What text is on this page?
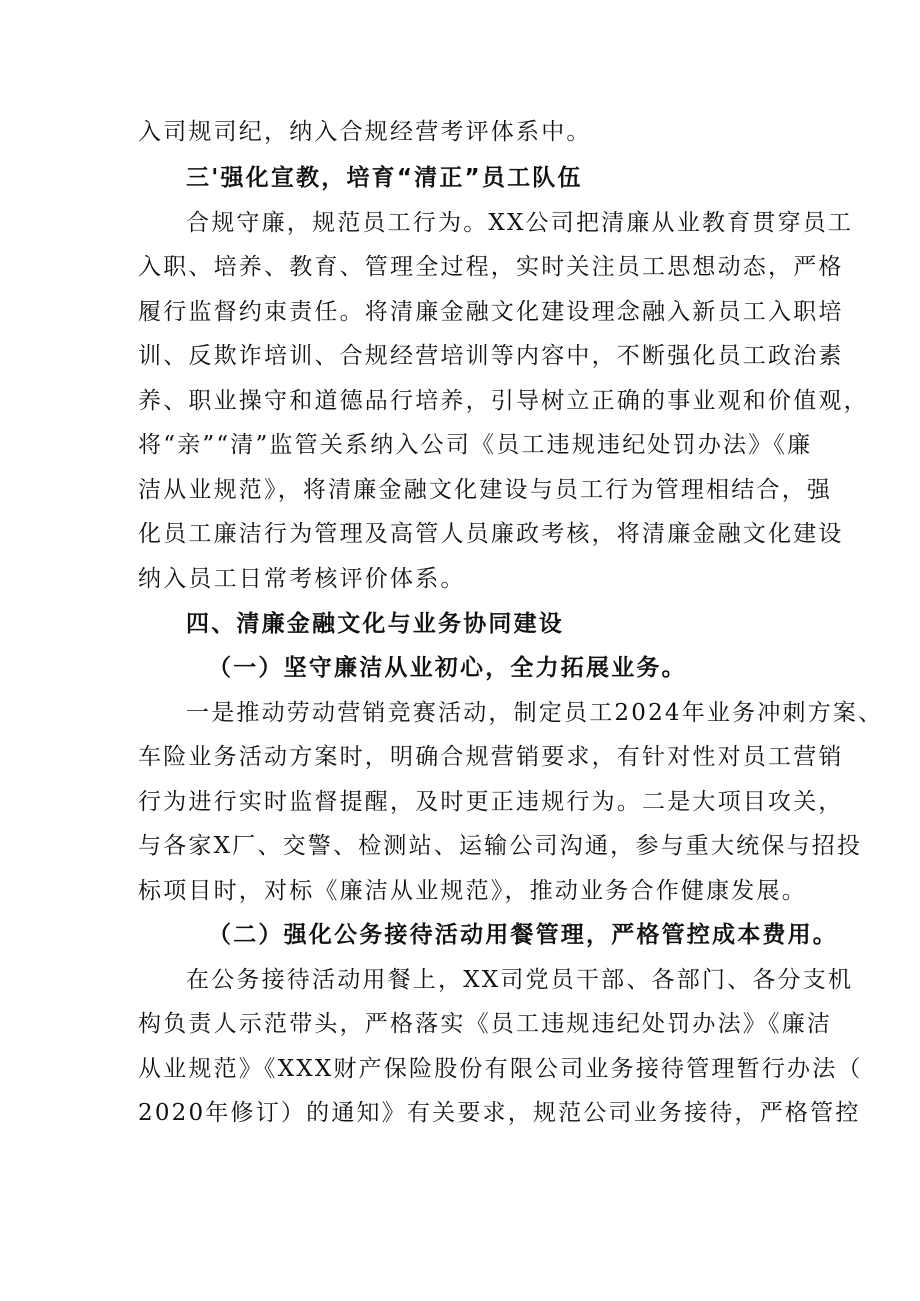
入司规司纪，纳入合规经营考评体系中。
三'强化宣教，培育“清正”员工队伍
合规守廉，规范员工行为。XX公司把清廉从业教育贯穿员工
入职、培养、教育、管理全过程，实时关注员工思想动态，严格
履行监督约束责任。将清廉金融文化建设理念融入新员工入职培
训、反欺诈培训、合规经营培训等内容中，不断强化员工政治素
养、职业操守和道德品行培养，引导树立正确的事业观和价值观，
将“亲”“清”监管关系纳入公司《员工违规违纪处罚办法》《廉
洁从业规范》，将清廉金融文化建设与员工行为管理相结合，强
化员工廉洁行为管理及高管人员廉政考核，将清廉金融文化建设
纳入员工日常考核评价体系。
四、清廉金融文化与业务协同建设
（一）坚守廉洁从业初心，全力拓展业务。
一是推动劳动营销竞赛活动，制定员工2024年业务冲刺方案、
车险业务活动方案时，明确合规营销要求，有针对性对员工营销
行为进行实时监督提醒，及时更正违规行为。二是大项目攻关，
与各家X厂、交警、检测站、运输公司沟通，参与重大统保与招投
标项目时，对标《廉洁从业规范》，推动业务合作健康发展。
（二）强化公务接待活动用餐管理，严格管控成本费用。
在公务接待活动用餐上，XX司党员干部、各部门、各分支机
构负责人示范带头，严格落实《员工违规违纪处罚办法》《廉洁
从业规范》《XXX财产保险股份有限公司业务接待管理暂行办法（
2020年修订）的通知》有关要求，规范公司业务接待，严格管控
